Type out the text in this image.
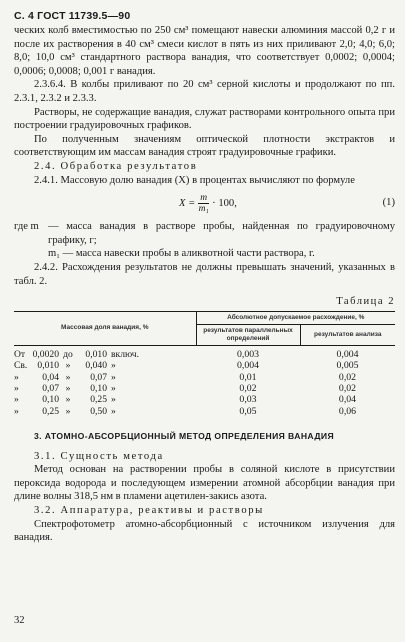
С. 4 ГОСТ 11739.5—90

ческих колб вместимостью по 250 см³ помещают навески алюминия массой 0,2 г и после их растворения в 40 см³ смеси кислот в пять из них приливают 2,0; 4,0; 6,0; 8,0; 10,0 см³ стандартного раствора ванадия, что соответствует 0,0002; 0,0004; 0,0006; 0,0008; 0,001 г ванадия.

2.3.6.4. В колбы приливают по 20 см³ серной кислоты и продолжают по пп. 2.3.1, 2.3.2 и 2.3.3.

Растворы, не содержащие ванадия, служат растворами контрольного опыта при построении градуировочных графиков.

По полученным значениям оптической плотности экстрактов и соответствующим им массам ванадия строят градуировочные графики.

2.4. Обработка результатов

2.4.1. Массовую долю ванадия (X) в процентах вычисляют по формуле

$X = \frac{m}{\text{m₁}} \cdot 100$,	(1)
где m — масса ванадия в растворе пробы, найденная по градуировочному графику, г;

m₁ — масса навески пробы в аликвотной части раствора, г.

2.4.2. Расхождения результатов не должны превышать значений, указанных в табл. 2.

Таблица 2
Массовая доля ванадия, %	Абсолютное допускаемое расхождение, %	
	результатов параллельных определений	результатов анализа

От 0,0020 до 0,010 включ.	0,003	0,004

Св. 0,010 » 0,040 »	0,004	0,005

» 0,04 » 0,07 »	0,01	0,02

» 0,07 » 0,10 »	0,02	0,02

» 0,10 » 0,25 »	0,03	0,04

» 0,25 » 0,50 »	0,05	0,06
3. АТОМНО-АБСОРБЦИОННЫЙ МЕТОД ОПРЕДЕЛЕНИЯ ВАНАДИЯ

3.1. Сущность метода

Метод основан на растворении пробы в соляной кислоте в присутствии пероксида водорода и последующем измерении атомной абсорбции ванадия при длине волны 318,5 нм в пламени ацетилен-закись азота.

3.2. Аппаратура, реактивы и растворы

Спектрофотометр атомно-абсорбционный с источником излучения для ванадия.

32
